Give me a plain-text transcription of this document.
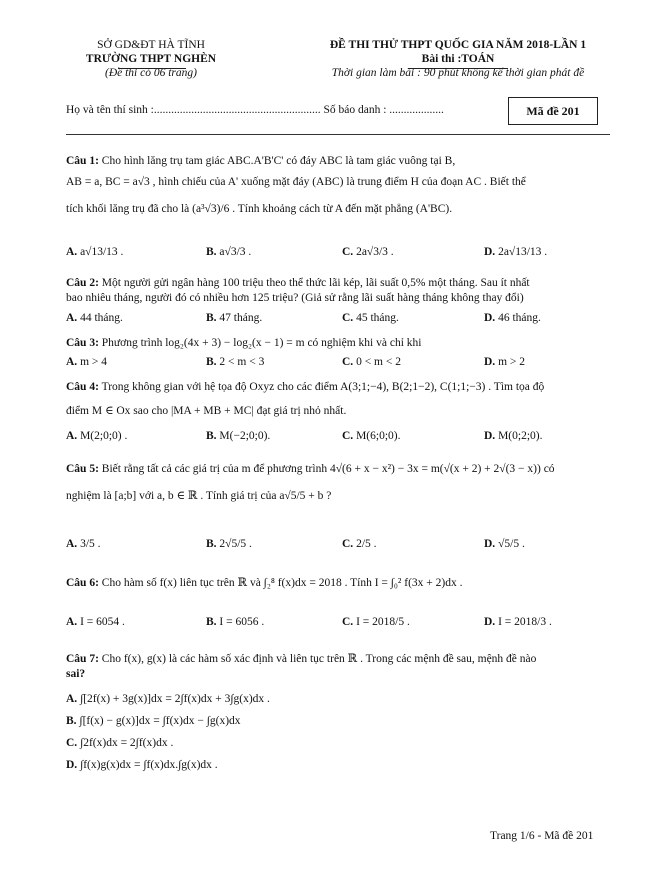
SỞ GD&ĐT HÀ TĨNH
TRƯỜNG THPT NGHÈN
(Đề thi có 06 trang)
ĐỀ THI THỬ THPT QUỐC GIA NĂM 2018-LẦN 1
Bài thi :TOÁN
Thời gian làm bài : 90 phút không kể thời gian phát đề
Họ và tên thí sinh :.......................................................... Số báo danh : ...................	Mã đề 201
Câu 1: Cho hình lăng trụ tam giác ABC.A'B'C' có đáy ABC là tam giác vuông tại B,
AB = a, BC = a√3 , hình chiếu của A' xuống mặt đáy (ABC) là trung điểm H của đoạn AC . Biết thể
tích khối lăng trụ đã cho là (a³√3)/6 . Tính khoảng cách từ A đến mặt phẳng (A'BC).
A. a√13/13 .	B. a√3/3 .	C. 2a√3/3 .	D. 2a√13/13 .
Câu 2: Một người gửi ngân hàng 100 triệu theo thể thức lãi kép, lãi suất 0,5% một tháng. Sau ít nhất
bao nhiêu tháng, người đó có nhiều hơn 125 triệu? (Giả sử rằng lãi suất hàng tháng không thay đổi)
A. 44 tháng.	B. 47 tháng.	C. 45 tháng.	D. 46 tháng.
Câu 3: Phương trình log₂(4x + 3) − log₂(x − 1) = m có nghiệm khi và chỉ khi
A. m > 4	B. 2 < m < 3	C. 0 < m < 2	D. m > 2
Câu 4: Trong không gian với hệ tọa độ Oxyz cho các điểm A(3;1;−4), B(2;1−2), C(1;1;−3) . Tìm tọa độ
điểm M ∈ Ox sao cho |MA + MB + MC| đạt giá trị nhỏ nhất.
A. M(2;0;0) .	B. M(−2;0;0).	C. M(6;0;0).	D. M(0;2;0).
Câu 5: Biết rằng tất cả các giá trị của m để phương trình 4√(6 + x − x²) − 3x = m(√(x + 2) + 2√(3 − x)) có
nghiệm là [a;b] với a, b ∈ ℝ . Tính giá trị của a√5/5 + b ?
A. 3/5 .	B. 2√5/5 .	C. 2/5 .	D. √5/5 .
Câu 6: Cho hàm số f(x) liên tục trên ℝ và ∫₂⁸ f(x)dx = 2018 . Tính I = ∫₀² f(3x + 2)dx .
A. I = 6054 .	B. I = 6056 .	C. I = 2018/5 .	D. I = 2018/3 .
Câu 7: Cho f(x), g(x) là các hàm số xác định và liên tục trên ℝ . Trong các mệnh đề sau, mệnh đề nào
sai?
A. ∫[2f(x) + 3g(x)]dx = 2∫f(x)dx + 3∫g(x)dx .
B. ∫[f(x) − g(x)]dx = ∫f(x)dx − ∫g(x)dx
C. ∫2f(x)dx = 2∫f(x)dx .
D. ∫f(x)g(x)dx = ∫f(x)dx.∫g(x)dx .
Trang 1/6 - Mã đề 201
